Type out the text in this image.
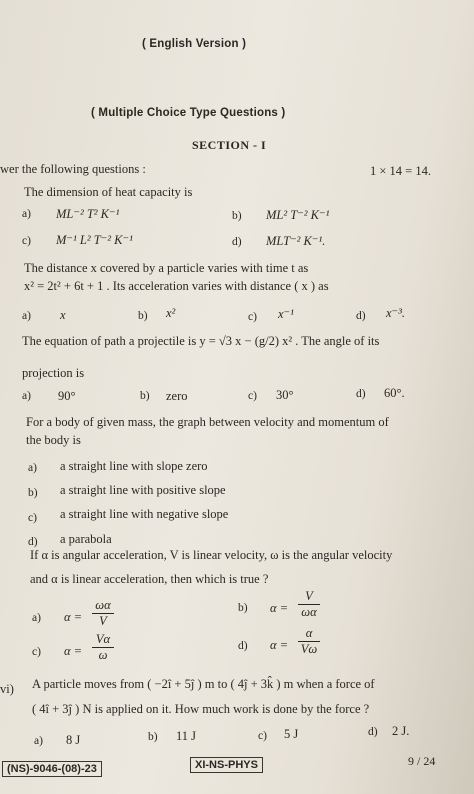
( English Version )
( Multiple Choice Type Questions )
SECTION - I
wer the following questions :	1 × 14 = 14.
The dimension of heat capacity is
a) ML⁻² T² K⁻¹	b) ML² T⁻² K⁻¹
c) M⁻¹ L² T⁻² K⁻¹	d) MLT⁻² K⁻¹.
The distance x covered by a particle varies with time t as
x² = 2t² + 6t + 1 . Its acceleration varies with distance ( x ) as
a) x	b) x²	c) x⁻¹	d) x⁻³.
The equation of path a projectile is y = √3 x − (g/2) x² . The angle of its
projection is
a) 90°	b) zero	c) 30°	d) 60°.
For a body of given mass, the graph between velocity and momentum of
the body is
a) a straight line with slope zero
b) a straight line with positive slope
c) a straight line with negative slope
d) a parabola
If α is angular acceleration, V is linear velocity, ω is the angular velocity
and α is linear acceleration, then which is true ?
a) α =
ωα
V
b) α =
V
ωα
c) α =
Vα
ω
d) α =
α
Vω
vi) A particle moves from ( −2î + 5ĵ ) m to ( 4ĵ + 3k̂ ) m when a force of
( 4î + 3ĵ ) N is applied on it. How much work is done by the force ?
a) 8 J	b) 11 J	c) 5 J	d) 2 J.
(NS)-9046-(08)-23	XI-NS-PHYS	9 / 24
